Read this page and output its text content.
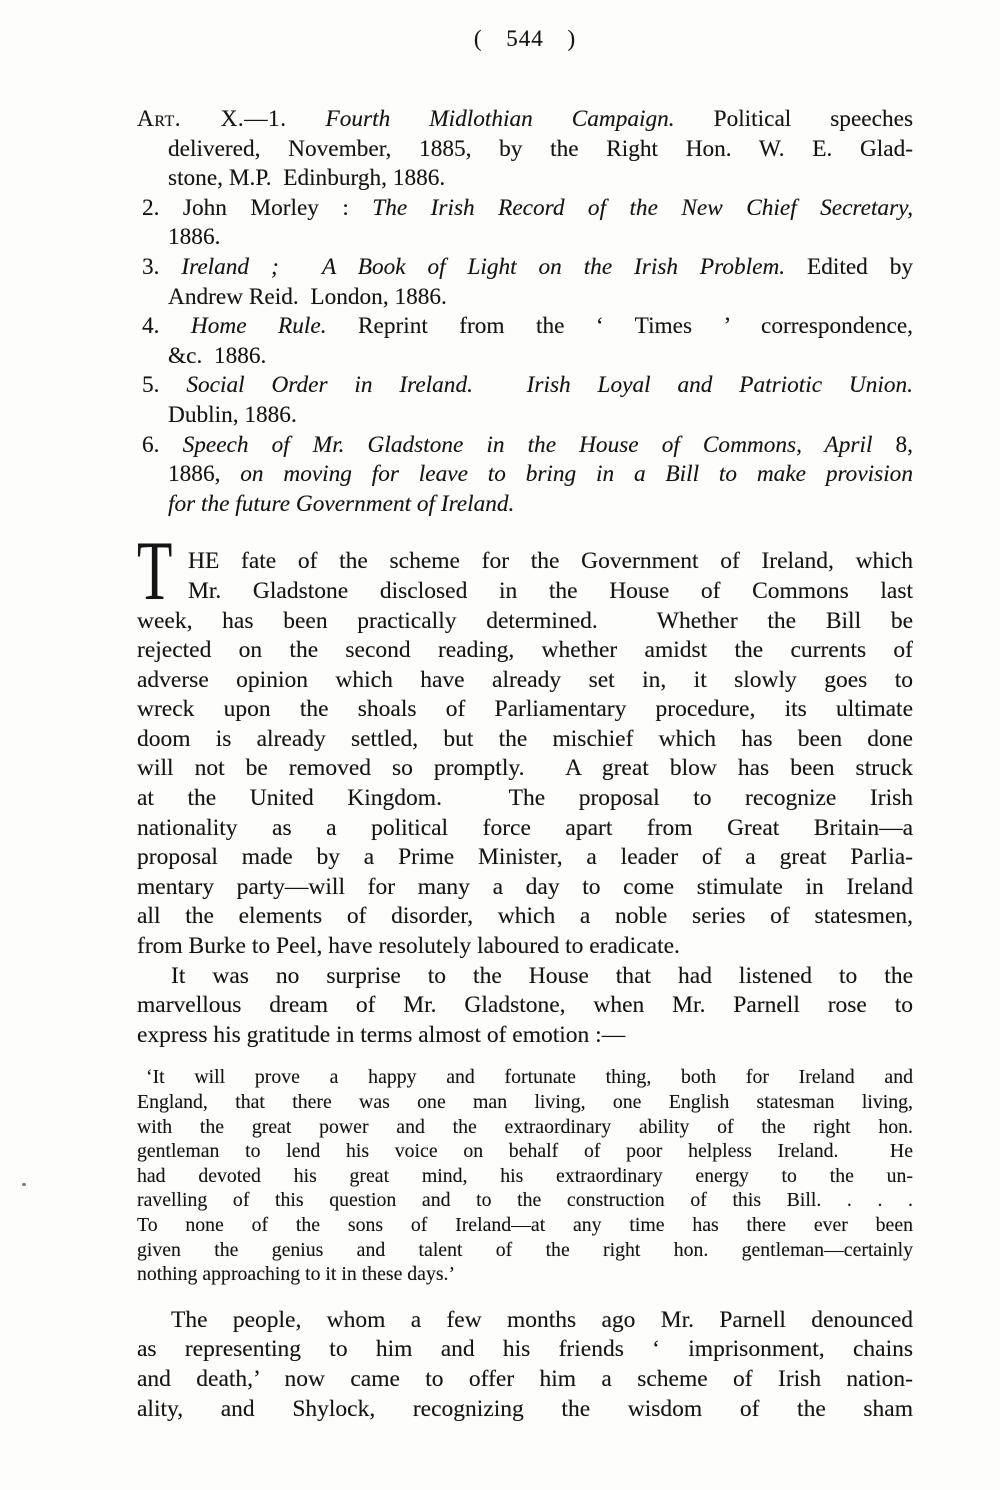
( 544 )
Art. X.—1. Fourth Midlothian Campaign. Political speeches
delivered, November, 1885, by the Right Hon. W. E. Glad-
stone, M.P.  Edinburgh, 1886.
2. John Morley : The Irish Record of the New Chief Secretary,
1886.
3. Ireland ;  A Book of Light on the Irish Problem. Edited by
Andrew Reid.  London, 1886.
4. Home Rule. Reprint from the ‘ Times ’ correspondence,
&c.  1886.
5. Social Order in Ireland.  Irish Loyal and Patriotic Union.
Dublin, 1886.
6. Speech of Mr. Gladstone in the House of Commons, April 8,
1886, on moving for leave to bring in a Bill to make provision
for the future Government of Ireland.
T HE fate of the scheme for the Government of Ireland, which
Mr. Gladstone disclosed in the House of Commons last
week, has been practically determined.  Whether the Bill be
rejected on the second reading, whether amidst the currents of
adverse opinion which have already set in, it slowly goes to
wreck upon the shoals of Parliamentary procedure, its ultimate
doom is already settled, but the mischief which has been done
will not be removed so promptly.  A great blow has been struck
at the United Kingdom.  The proposal to recognize Irish
nationality as a political force apart from Great Britain—a
proposal made by a Prime Minister, a leader of a great Parlia-
mentary party—will for many a day to come stimulate in Ireland
all the elements of disorder, which a noble series of statesmen,
from Burke to Peel, have resolutely laboured to eradicate.
It was no surprise to the House that had listened to the
marvellous dream of Mr. Gladstone, when Mr. Parnell rose to
express his gratitude in terms almost of emotion :—
‘It will prove a happy and fortunate thing, both for Ireland and
England, that there was one man living, one English statesman living,
with the great power and the extraordinary ability of the right hon.
gentleman to lend his voice on behalf of poor helpless Ireland.  He
had devoted his great mind, his extraordinary energy to the un-
ravelling of this question and to the construction of this Bill. . . .
To none of the sons of Ireland—at any time has there ever been
given the genius and talent of the right hon. gentleman—certainly
nothing approaching to it in these days.’
The people, whom a few months ago Mr. Parnell denounced
as representing to him and his friends ‘ imprisonment, chains
and death,’ now came to offer him a scheme of Irish nation-
ality, and Shylock, recognizing the wisdom of the sham
